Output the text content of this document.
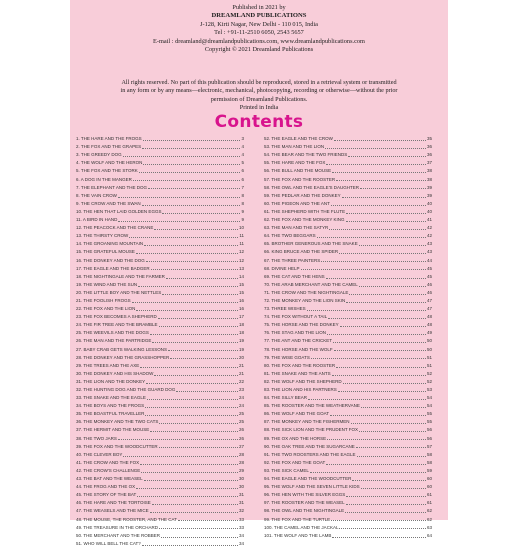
Published in 2021 by
DREAMLAND PUBLICATIONS
J-128, Kirti Nagar, New Delhi - 110 015, India
Tel : +91-11-2510 6050, 2543 5657
E-mail : dreamland@dreamlandpublications.com, www.dreamlandpublications.com
Copyright © 2021 Dreamland Publications
All rights reserved. No part of this publication should be reproduced, stored in a retrieval system or transmitted
in any form or by any means—electronic, mechanical, photocopying, recording or otherwise—without the prior
permission of Dreamland Publications.
Printed in India
Contents
1. THE HARE AND THE FROGS	3
2. THE FOX AND THE GRAPES	4
3. THE GREEDY DOG	4
4. THE WOLF AND THE HERON	5
5. THE FOX AND THE STORK	6
6. A DOG IN THE MANGER	6
7. THE ELEPHANT AND THE DOG	7
8. THE VAIN CROW	8
9. THE CROW AND THE SWAN	8
10. THE HEN THAT LAID GOLDEN EGGS	9
11. A BIRD IN HAND	9
12. THE PEACOCK AND THE CRANE	10
13. THE THIRSTY CROW	11
14. THE GROANING MOUNTAIN	11
15. THE GRATEFUL MOUSE	12
16. THE DONKEY AND THE DOG	12
17. THE EAGLE AND THE BADGER	13
18. THE NIGHTINGALE AND THE FARMER	14
19. THE WIND AND THE SUN	15
20. THE LITTLE BOY AND THE NETTLES	15
21. THE FOOLISH FROGS	16
22. THE FOX AND THE LION	16
23. THE FOX BECOMES A SHEPHERD	17
24. THE FIR TREE AND THE BRAMBLE	18
25. THE WEEVILS AND THE DOGS	18
26. THE MAN AND THE PARTRIDGE	19
27. BABY CRAB GETS WALKING LESSONS	19
28. THE DONKEY AND THE GRASSHOPPER	20
29. THE TREES AND THE AXE	21
30. THE DONKEY AND HIS SHADOW	21
31. THE LION AND THE DONKEY	22
32. THE HUNTING DOG AND THE GUARD DOG	23
33. THE SNAKE AND THE EAGLE	24
34. THE BOYS AND THE FROGS	24
35. THE BOASTFUL TRAVELLER	25
36. THE MONKEY AND THE TWO CATS	25
37. THE HERMIT AND THE MOUSE	26
38. THE TWO JARS	26
39. THE FOX AND THE WOODCUTTER	27
40. THE CLEVER BOY	28
41. THE CROW AND THE FOX	28
42. THE CROW'S CHALLENGE	29
43. THE BAT AND THE WEASEL	30
44. THE FROG AND THE OX	30
45. THE STORY OF THE BAT	31
46. THE HARE AND THE TORTOISE	31
47. THE WEASELS AND THE MICE	32
48. THE MOUSE, THE ROOSTER, AND THE CAT	33
49. THE TREASURE IN THE ORCHARD	33
50. THE MERCHANT AND THE ROBBER	34
51. WHO WILL BELL THE CAT?	34
52. THE EAGLE AND THE CROW	35
53. THE MAN AND THE LION	36
54. THE BEAR AND THE TWO FRIENDS	36
55. THE HARE AND THE FOX	37
56. THE BULL AND THE MOUSE	38
57. THE FOX AND THE ROOSTER	38
58. THE OWL AND THE EAGLE'S DAUGHTER	39
59. THE PEDLAR AND THE DONKEY	39
60. THE PIGEON AND THE ANT	40
61. THE SHEPHERD WITH THE FLUTE	40
62. THE FOX AND THE MONKEY KING	41
63. THE MAN AND THE SATYR	42
64. THE TWO BEGGARS	42
65. BROTHER GENEROUS AND THE SNAKE	43
66. KING BRUCE AND THE SPIDER	43
67. THE THREE PAINTERS	44
68. DIVINE HELP	45
69. THE CAT AND THE HENS	45
70. THE ARAB MERCHANT AND THE CAMEL	46
71. THE CROW AND THE NIGHTINGALE	46
72. THE MONKEY AND THE LION SKIN	47
73. THREE WISHES	47
74. THE FOX WITHOUT A TAIL	48
75. THE HORSE AND THE DONKEY	48
76. THE STAG AND THE LION	49
77. THE ANT AND THE CRICKET	50
78. THE HORSE AND THE WOLF	50
79. THE WISE GOATS	51
80. THE FOX AND THE ROOSTER	51
81. THE SNAKE AND THE ANTS	52
82. THE WOLF AND THE SHEPHERD	52
83. THE LION AND HIS PARTNERS	53
84. THE SILLY BEAR	54
85. THE ROOSTER AND THE WEATHERVANE	54
86. THE WOLF AND THE GOAT	55
87. THE MONKEY AND THE FISHERMEN	55
88. THE SICK LION AND THE PRUDENT FOX	56
89. THE OX AND THE HORSE	56
90. THE OAK TREE AND THE SUGARCANE	57
91. THE TWO ROOSTERS AND THE EAGLE	58
92. THE FOX AND THE GOAT	58
93. THE SICK CAMEL	59
94. THE EAGLE AND THE WOODCUTTER	60
95. THE WOLF AND THE SEVEN LITTLE KIDS	60
96. THE HEN WITH THE SILVER EGGS	61
97. THE ROOSTER AND THE WEASEL	61
98. THE OWL AND THE NIGHTINGALE	62
99. THE FOX AND THE TURTLE	62
100. THE CAMEL AND THE JACKAL	63
101. THE WOLF AND THE LAMB	64
